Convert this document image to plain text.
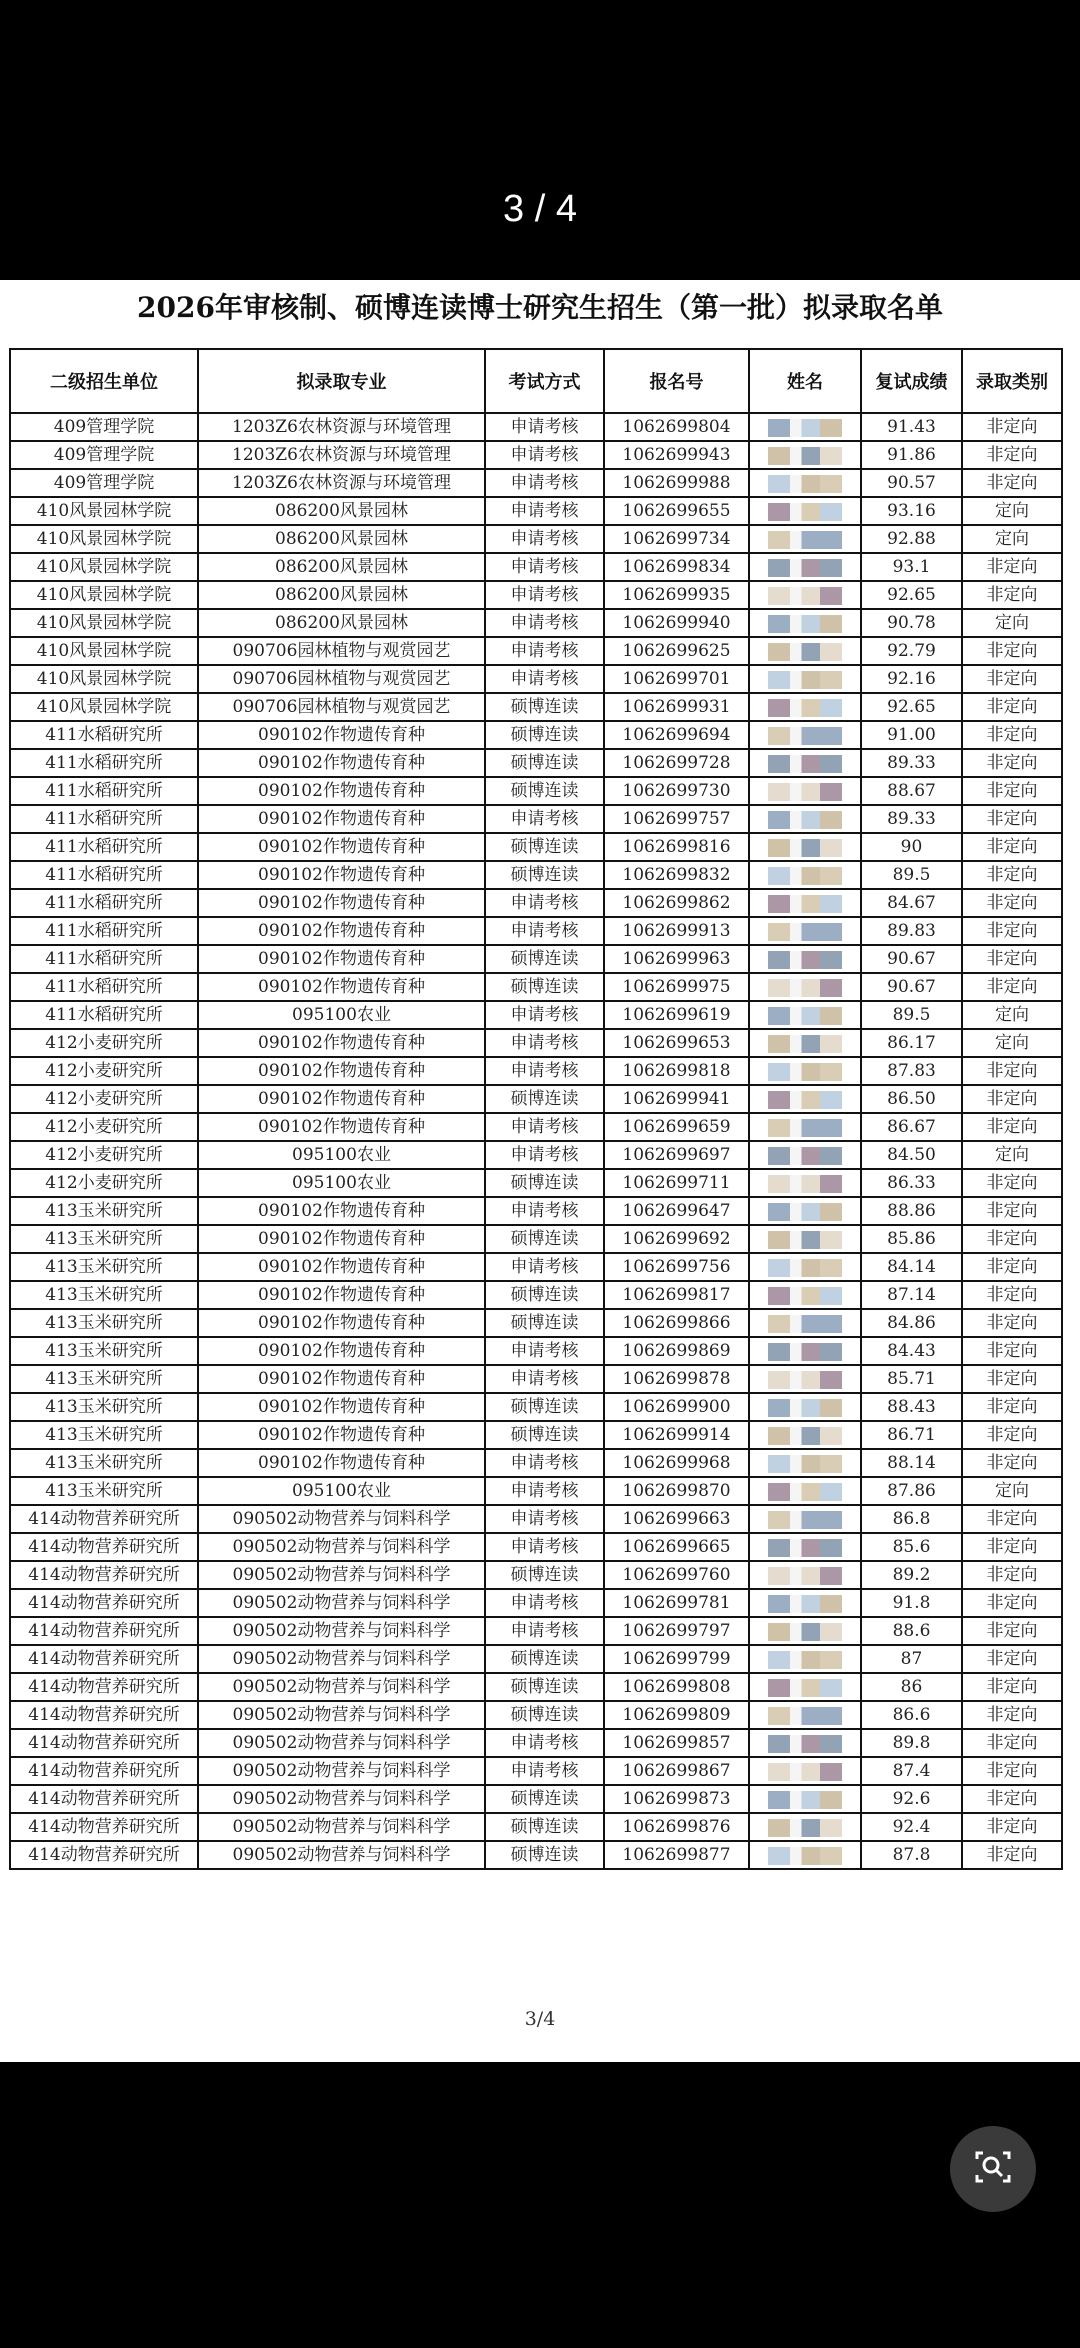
3 / 4
2026年审核制、硕博连读博士研究生招生（第一批）拟录取名单
二级招生单位	拟录取专业	考试方式	报名号	姓名	复试成绩	录取类别
409管理学院	1203Z6农林资源与环境管理	申请考核	1062699804		91.43	非定向
409管理学院	1203Z6农林资源与环境管理	申请考核	1062699943		91.86	非定向
409管理学院	1203Z6农林资源与环境管理	申请考核	1062699988		90.57	非定向
410风景园林学院	086200风景园林	申请考核	1062699655		93.16	定向
410风景园林学院	086200风景园林	申请考核	1062699734		92.88	定向
410风景园林学院	086200风景园林	申请考核	1062699834		93.1	非定向
410风景园林学院	086200风景园林	申请考核	1062699935		92.65	非定向
410风景园林学院	086200风景园林	申请考核	1062699940		90.78	定向
410风景园林学院	090706园林植物与观赏园艺	申请考核	1062699625		92.79	非定向
410风景园林学院	090706园林植物与观赏园艺	申请考核	1062699701		92.16	非定向
410风景园林学院	090706园林植物与观赏园艺	硕博连读	1062699931		92.65	非定向
411水稻研究所	090102作物遗传育种	硕博连读	1062699694		91.00	非定向
411水稻研究所	090102作物遗传育种	硕博连读	1062699728		89.33	非定向
411水稻研究所	090102作物遗传育种	硕博连读	1062699730		88.67	非定向
411水稻研究所	090102作物遗传育种	申请考核	1062699757		89.33	非定向
411水稻研究所	090102作物遗传育种	硕博连读	1062699816		90	非定向
411水稻研究所	090102作物遗传育种	硕博连读	1062699832		89.5	非定向
411水稻研究所	090102作物遗传育种	申请考核	1062699862		84.67	非定向
411水稻研究所	090102作物遗传育种	申请考核	1062699913		89.83	非定向
411水稻研究所	090102作物遗传育种	硕博连读	1062699963		90.67	非定向
411水稻研究所	090102作物遗传育种	硕博连读	1062699975		90.67	非定向
411水稻研究所	095100农业	申请考核	1062699619		89.5	定向
412小麦研究所	090102作物遗传育种	申请考核	1062699653		86.17	定向
412小麦研究所	090102作物遗传育种	申请考核	1062699818		87.83	非定向
412小麦研究所	090102作物遗传育种	硕博连读	1062699941		86.50	非定向
412小麦研究所	090102作物遗传育种	申请考核	1062699659		86.67	非定向
412小麦研究所	095100农业	申请考核	1062699697		84.50	定向
412小麦研究所	095100农业	硕博连读	1062699711		86.33	非定向
413玉米研究所	090102作物遗传育种	申请考核	1062699647		88.86	非定向
413玉米研究所	090102作物遗传育种	硕博连读	1062699692		85.86	非定向
413玉米研究所	090102作物遗传育种	申请考核	1062699756		84.14	非定向
413玉米研究所	090102作物遗传育种	硕博连读	1062699817		87.14	非定向
413玉米研究所	090102作物遗传育种	硕博连读	1062699866		84.86	非定向
413玉米研究所	090102作物遗传育种	申请考核	1062699869		84.43	非定向
413玉米研究所	090102作物遗传育种	申请考核	1062699878		85.71	非定向
413玉米研究所	090102作物遗传育种	硕博连读	1062699900		88.43	非定向
413玉米研究所	090102作物遗传育种	硕博连读	1062699914		86.71	非定向
413玉米研究所	090102作物遗传育种	申请考核	1062699968		88.14	非定向
413玉米研究所	095100农业	申请考核	1062699870		87.86	定向
414动物营养研究所	090502动物营养与饲料科学	申请考核	1062699663		86.8	非定向
414动物营养研究所	090502动物营养与饲料科学	申请考核	1062699665		85.6	非定向
414动物营养研究所	090502动物营养与饲料科学	硕博连读	1062699760		89.2	非定向
414动物营养研究所	090502动物营养与饲料科学	申请考核	1062699781		91.8	非定向
414动物营养研究所	090502动物营养与饲料科学	申请考核	1062699797		88.6	非定向
414动物营养研究所	090502动物营养与饲料科学	硕博连读	1062699799		87	非定向
414动物营养研究所	090502动物营养与饲料科学	硕博连读	1062699808		86	非定向
414动物营养研究所	090502动物营养与饲料科学	硕博连读	1062699809		86.6	非定向
414动物营养研究所	090502动物营养与饲料科学	申请考核	1062699857		89.8	非定向
414动物营养研究所	090502动物营养与饲料科学	申请考核	1062699867		87.4	非定向
414动物营养研究所	090502动物营养与饲料科学	硕博连读	1062699873		92.6	非定向
414动物营养研究所	090502动物营养与饲料科学	硕博连读	1062699876		92.4	非定向
414动物营养研究所	090502动物营养与饲料科学	硕博连读	1062699877		87.8	非定向
3/4
